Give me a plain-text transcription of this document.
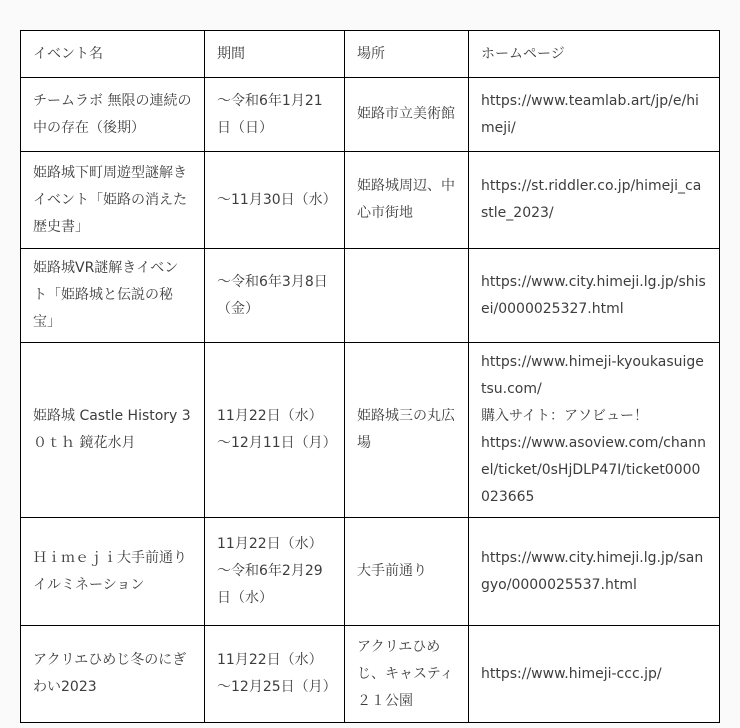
イベント名	期間	場所	ホームページ
チームラボ 無限の連続の中の存在（後期）	～令和6年1月21日（日）	姫路市立美術館	https://www.teamlab.art/jp/e/himeji/

姫路城下町周遊型謎解きイベント「姫路の消えた歴史書」	～11月30日（水）	姫路城周辺、中心市街地	https://st.riddler.co.jp/himeji_castle_2023/

姫路城VR謎解きイベント「姫路城と伝説の秘宝」	～令和6年3月8日（金）		https://www.city.himeji.lg.jp/shisei/0000025327.html

姫路城 Castle History 3０ｔｈ 鏡花水月	11月22日（水）～12月11日（月）	姫路城三の丸広場	https://www.himeji-kyoukasuigetsu.com/
購入サイト：アソビュー！
https://www.asoview.com/channel/ticket/0sHjDLP47I/ticket0000023665

Ｈｉｍｅｊｉ大手前通りイルミネーション	11月22日（水）～令和6年2月29日（水）	大手前通り	https://www.city.himeji.lg.jp/sangyo/0000025537.html

アクリエひめじ冬のにぎわい2023	11月22日（水）～12月25日（月）	アクリエひめじ、キャスティ２１公園	https://www.himeji-ccc.jp/
